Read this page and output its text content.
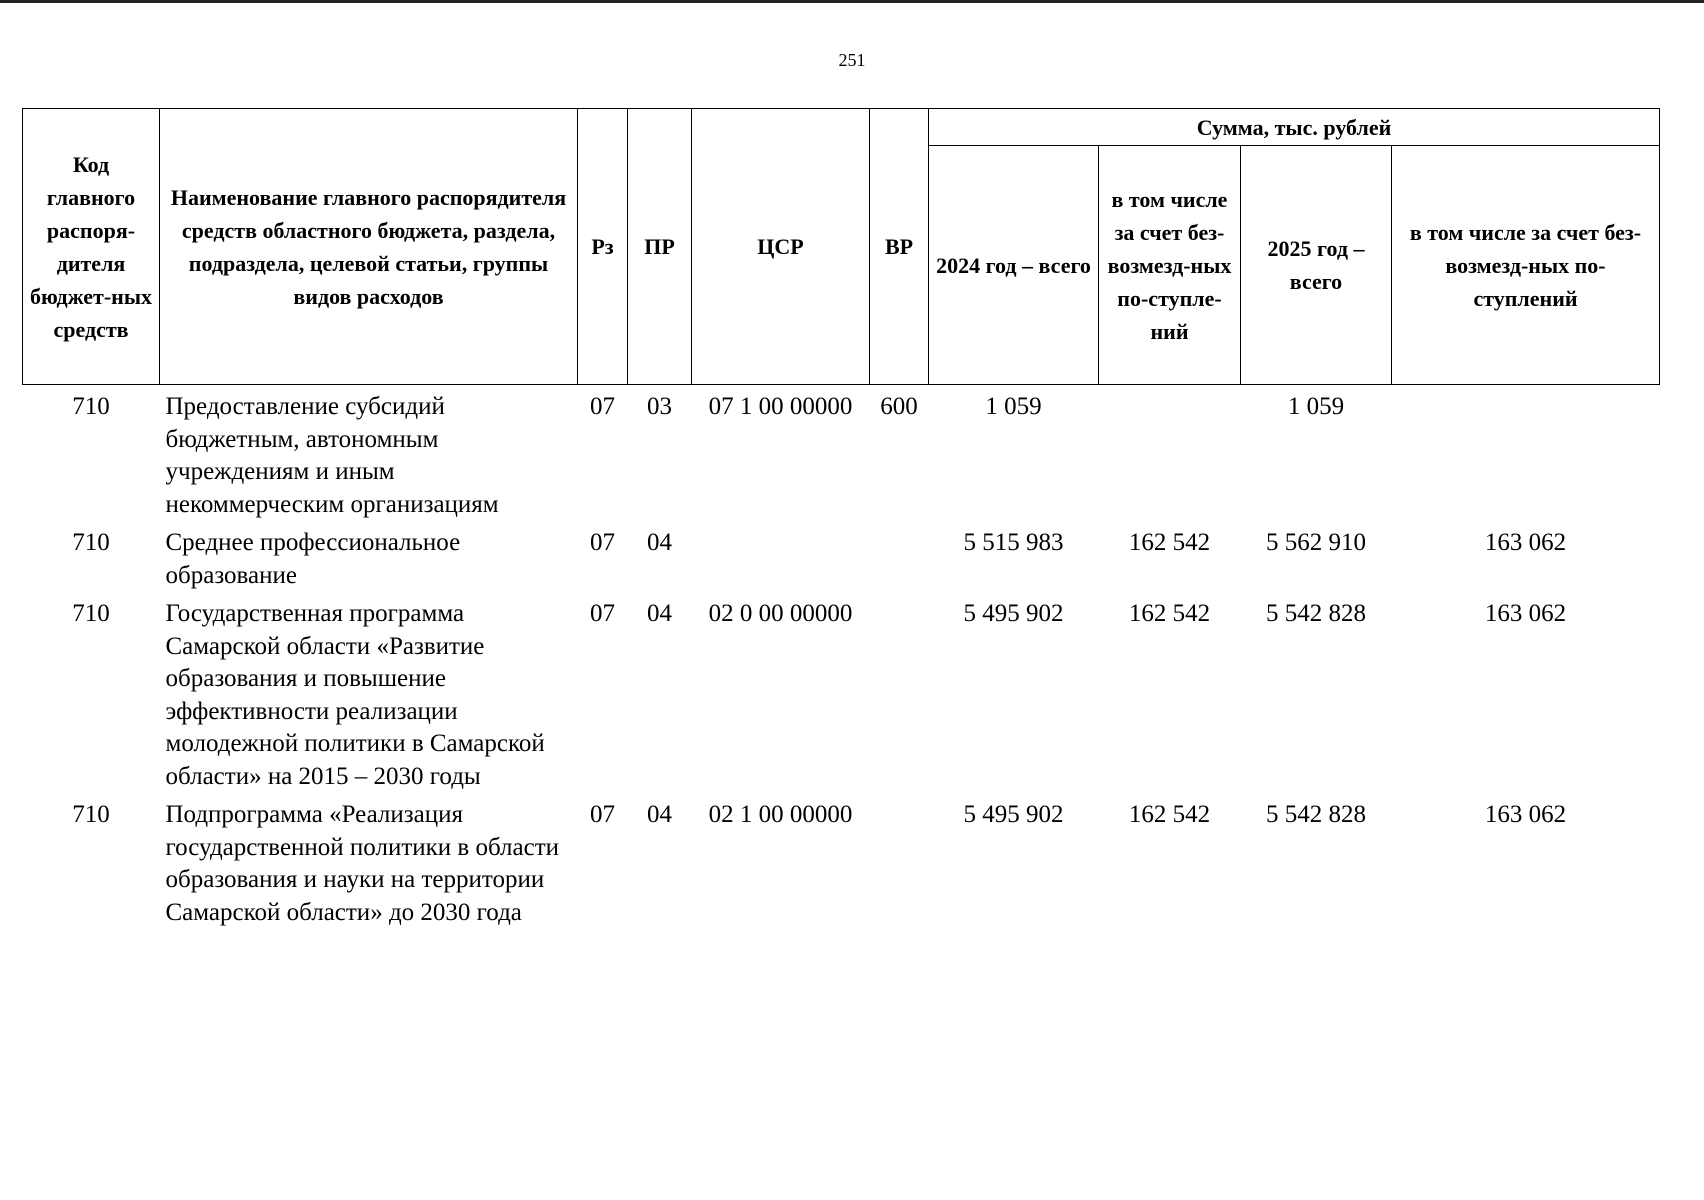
251
Код главного распоря-дителя бюджет-ных средств	Наименование главного распорядителя средств областного бюджета, раздела, подраздела, целевой статьи, группы видов расходов	Рз	ПР	ЦСР	ВР	Сумма, тыс. рублей			
						2024 год – всего	в том числе за счет без-возмезд-ных по-ступле-ний	2025 год – всего	в том числе за счет без-возмезд-ных по-ступлений
710	Предоставление субсидий бюджетным, автономным учреждениям и иным некоммерческим организациям	07	03	07 1 00 00000	600	1 059		1 059	
710	Среднее профессиональное образование	07	04			5 515 983	162 542	5 562 910	163 062
710	Государственная программа Самарской области «Развитие образования и повышение эффективности реализации молодежной политики в Самарской области» на 2015 – 2030 годы	07	04	02 0 00 00000		5 495 902	162 542	5 542 828	163 062
710	Подпрограмма «Реализация государственной политики в области образования и науки на территории Самарской области» до 2030 года	07	04	02 1 00 00000		5 495 902	162 542	5 542 828	163 062
